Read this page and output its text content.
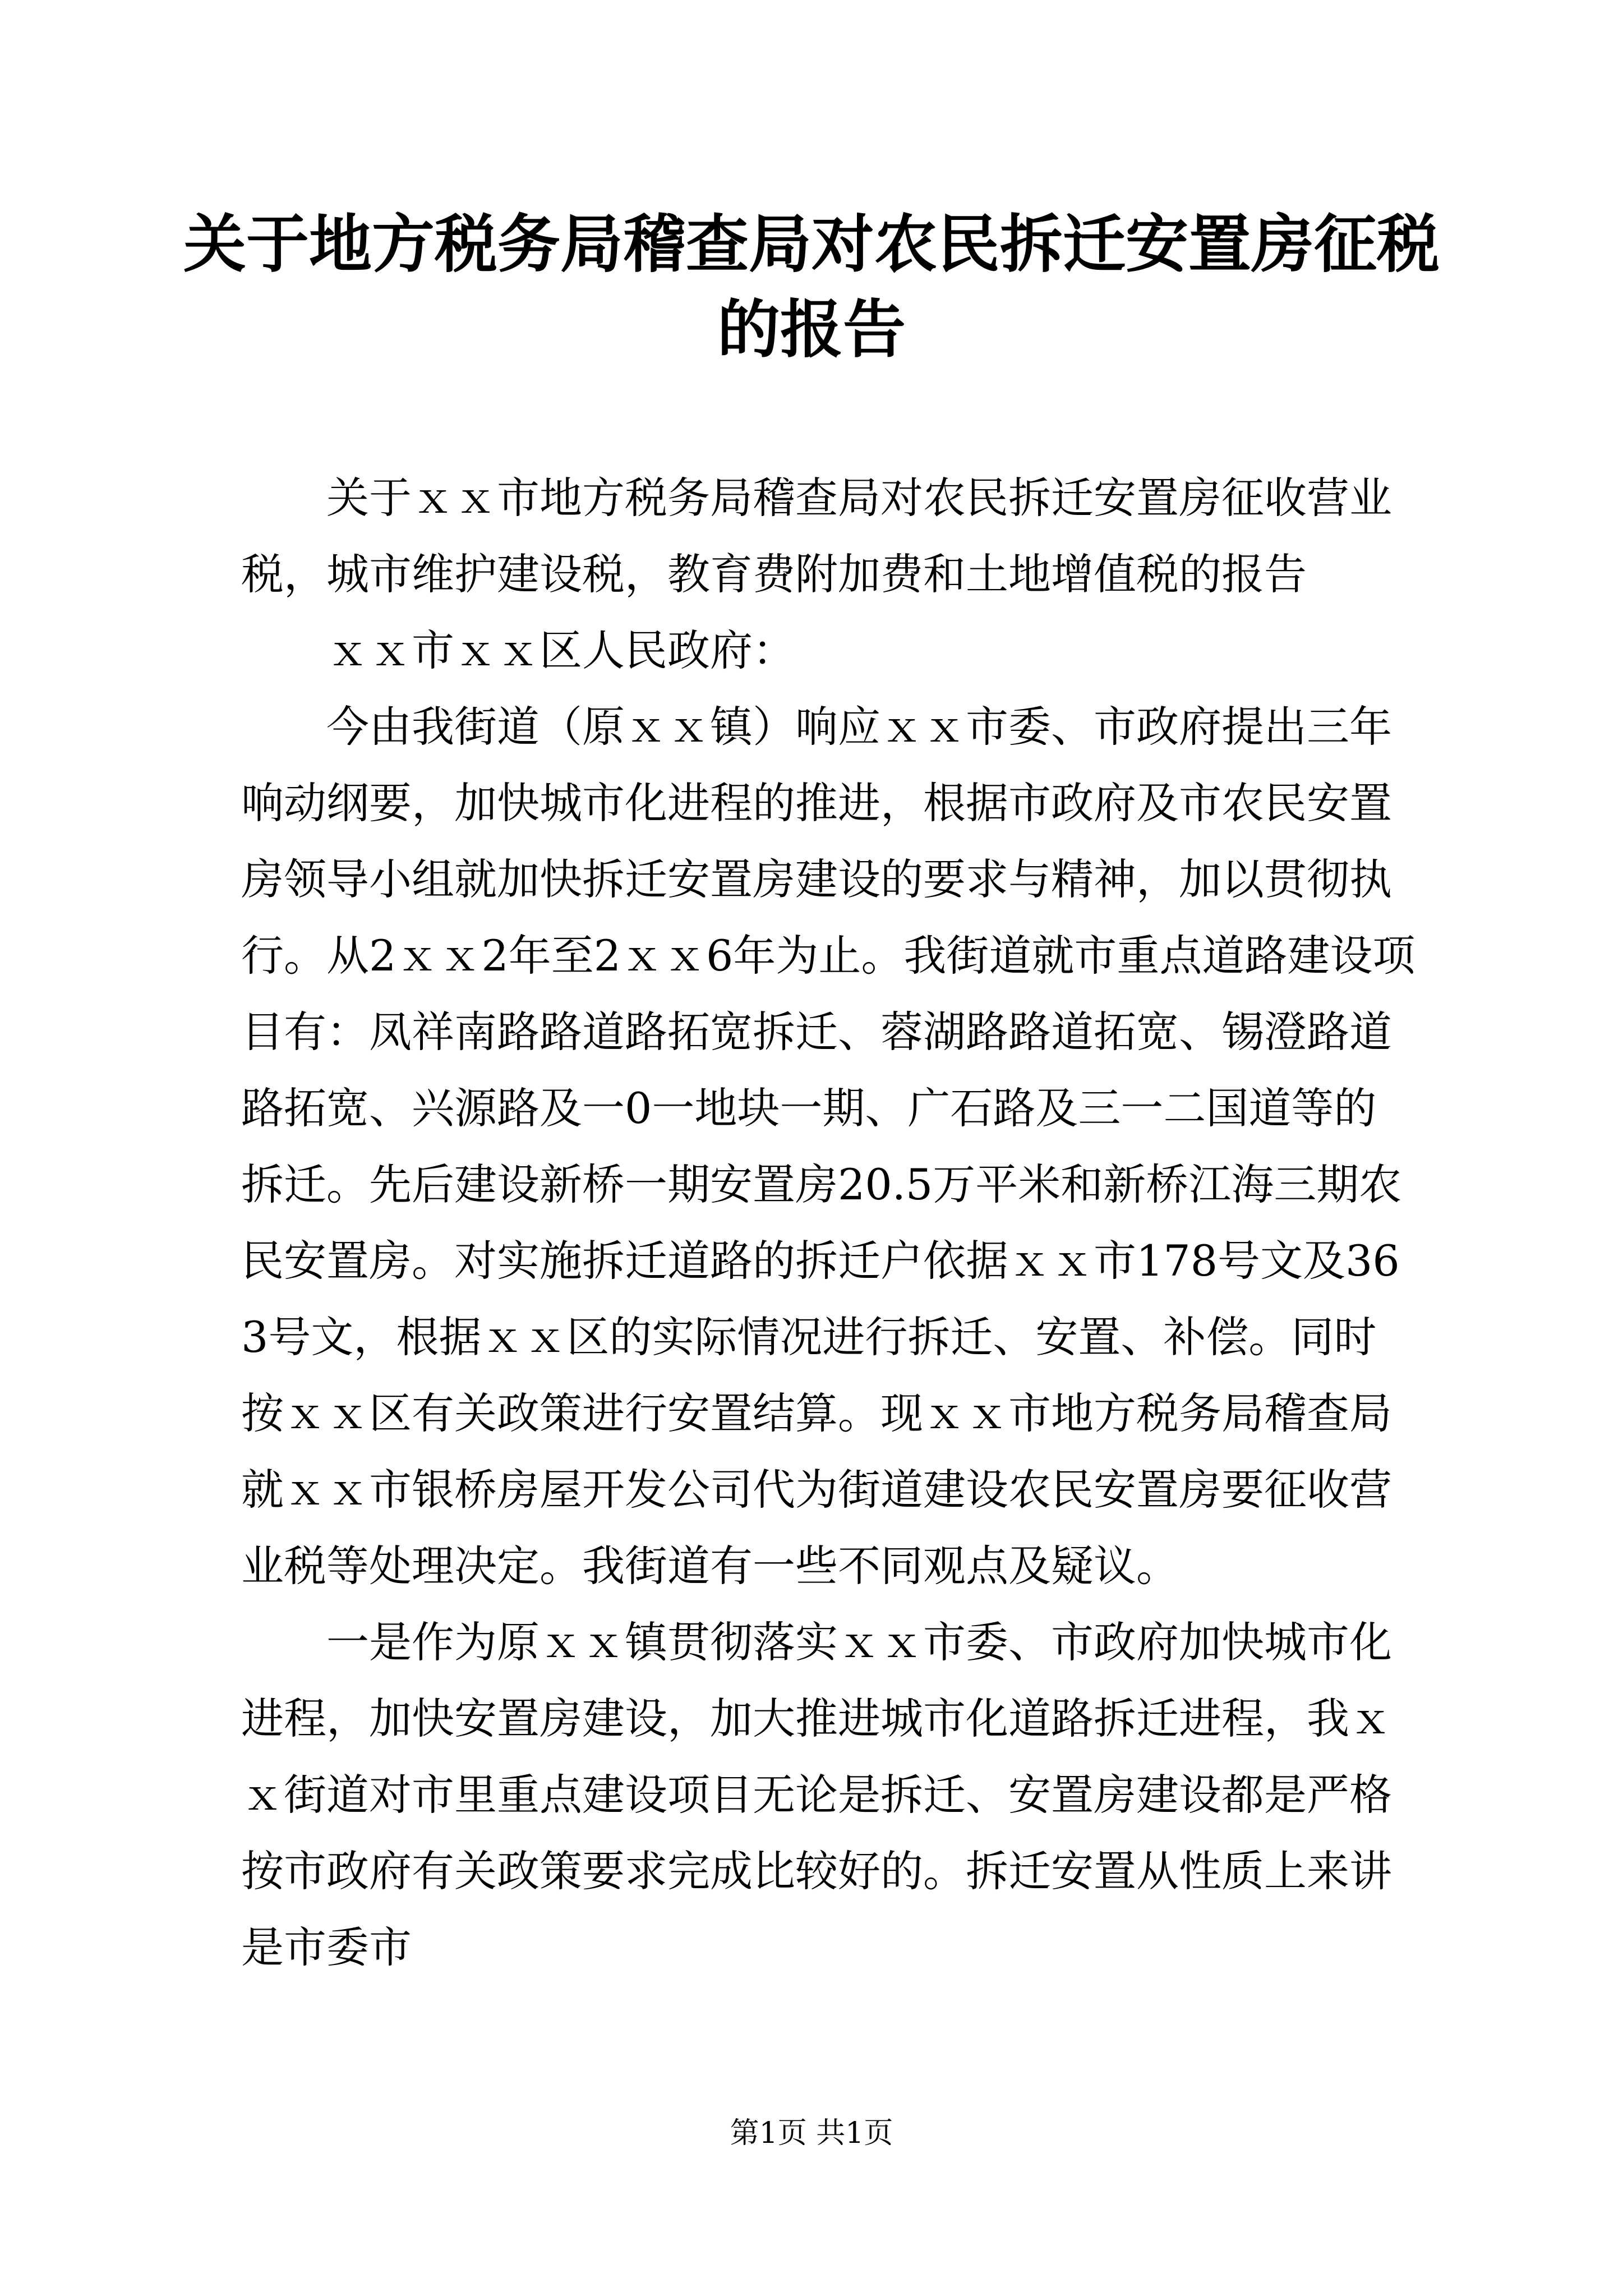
关于地方税务局稽查局对农民拆迁安置房征税
的报告

关于ｘｘ市地方税务局稽查局对农民拆迁安置房征收营业税，城市维护建设税，教育费附加费和土地增值税的报告

ｘｘ市ｘｘ区人民政府：

今由我街道（原ｘｘ镇）响应ｘｘ市委、市政府提出三年响动纲要，加快城市化进程的推进，根据市政府及市农民安置房领导小组就加快拆迁安置房建设的要求与精神，加以贯彻执行。从2ｘｘ2年至2ｘｘ6年为止。我街道就市重点道路建设项目有：凤祥南路路道路拓宽拆迁、蓉湖路路道拓宽、锡澄路道路拓宽、兴源路及一0一地块一期、广石路及三一二国道等的拆迁。先后建设新桥一期安置房20.5万平米和新桥江海三期农民安置房。对实施拆迁道路的拆迁户依据ｘｘ市178号文及363号文，根据ｘｘ区的实际情况进行拆迁、安置、补偿。同时按ｘｘ区有关政策进行安置结算。现ｘｘ市地方税务局稽查局就ｘｘ市银桥房屋开发公司代为街道建设农民安置房要征收营业税等处理决定。我街道有一些不同观点及疑议。

一是作为原ｘｘ镇贯彻落实ｘｘ市委、市政府加快城市化进程，加快安置房建设，加大推进城市化道路拆迁进程，我ｘｘ街道对市里重点建设项目无论是拆迁、安置房建设都是严格按市政府有关政策要求完成比较好的。拆迁安置从性质上来讲是市委市

第1页 共1页
